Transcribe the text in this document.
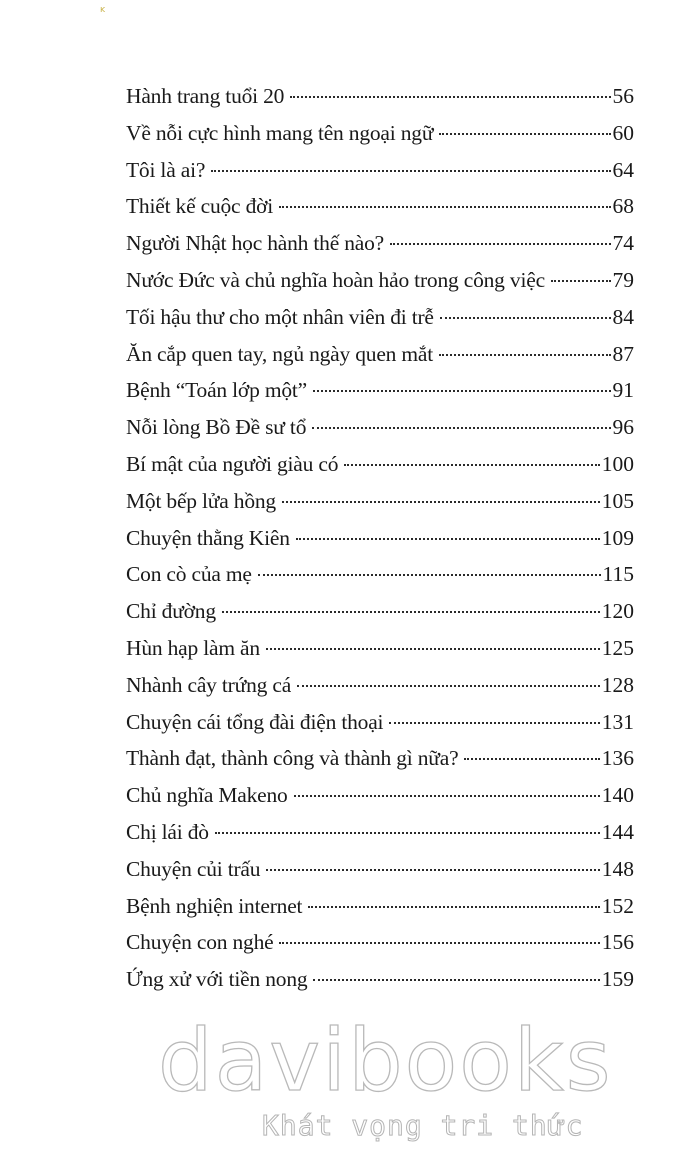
ĸ
Hành trang tuổi 20	56
Về nỗi cực hình mang tên ngoại ngữ	60
Tôi là ai?	64
Thiết kế cuộc đời	68
Người Nhật học hành thế nào?	74
Nước Đức và chủ nghĩa hoàn hảo trong công việc	79
Tối hậu thư cho một nhân viên đi trễ	84
Ăn cắp quen tay, ngủ ngày quen mắt	87
Bệnh “Toán lớp một”	91
Nỗi lòng Bồ Đề sư tổ	96
Bí mật của người giàu có	100
Một bếp lửa hồng	105
Chuyện thằng Kiên	109
Con cò của mẹ	115
Chỉ đường	120
Hùn hạp làm ăn	125
Nhành cây trứng cá	128
Chuyện cái tổng đài điện thoại	131
Thành đạt, thành công và thành gì nữa?	136
Chủ nghĩa Makeno	140
Chị lái đò	144
Chuyện củi trấu	148
Bệnh nghiện internet	152
Chuyện con nghé	156
Ứng xử với tiền nong	159
davibooks
Khát vọng tri thức
